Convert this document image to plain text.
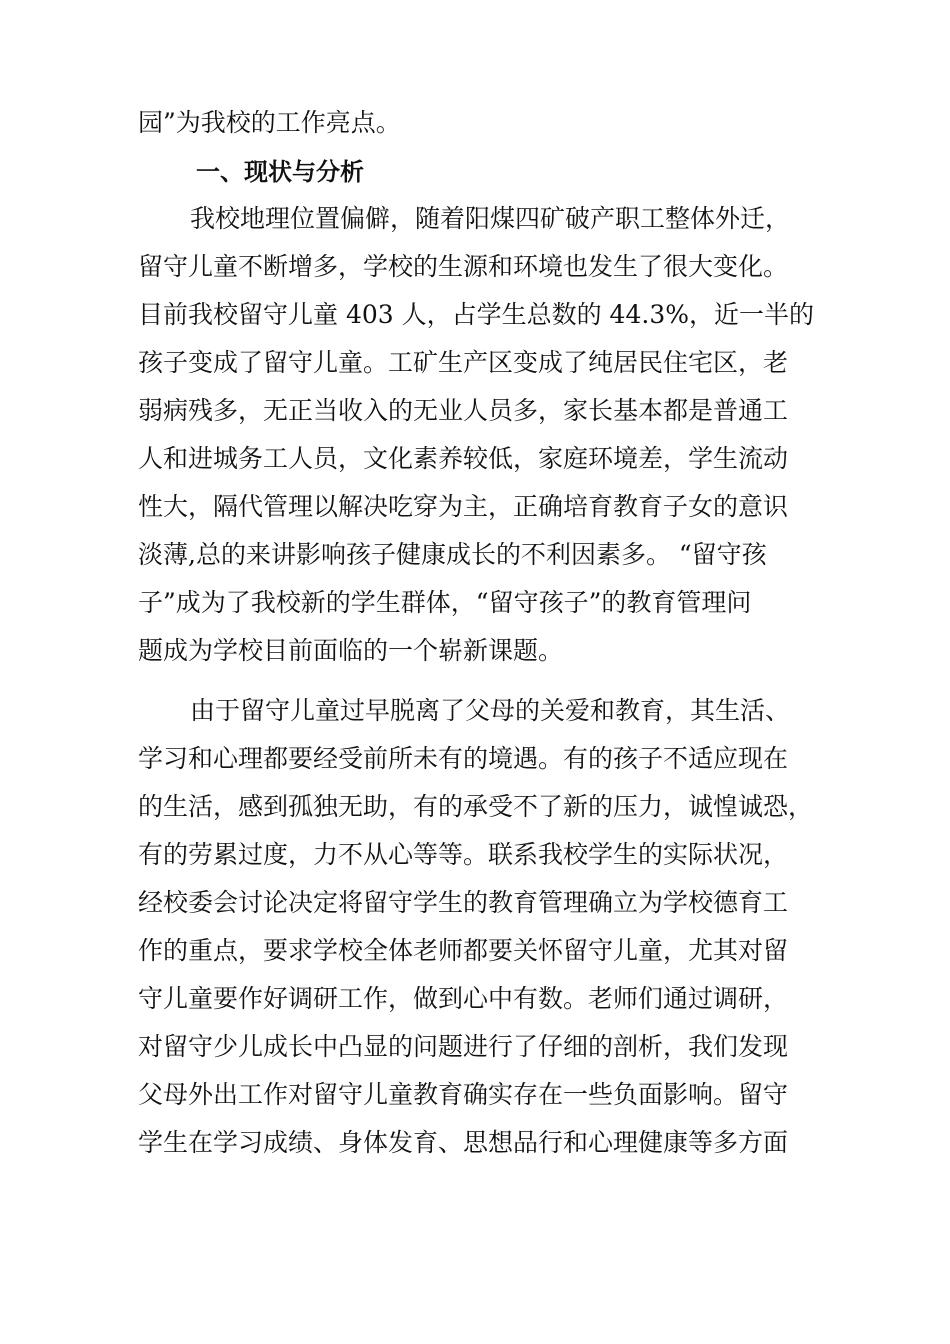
园”为我校的工作亮点。
一、现状与分析
我校地理位置偏僻，随着阳煤四矿破产职工整体外迁，
留守儿童不断增多，学校的生源和环境也发生了很大变化。
目前我校留守儿童 403 人，占学生总数的 44.3%，近一半的
孩子变成了留守儿童。工矿生产区变成了纯居民住宅区，老
弱病残多，无正当收入的无业人员多，家长基本都是普通工
人和进城务工人员，文化素养较低，家庭环境差，学生流动
性大，隔代管理以解决吃穿为主，正确培育教育子女的意识
淡薄,总的来讲影响孩子健康成长的不利因素多。 “留守孩
子”成为了我校新的学生群体，“留守孩子”的教育管理问
题成为学校目前面临的一个崭新课题。
由于留守儿童过早脱离了父母的关爱和教育，其生活、
学习和心理都要经受前所未有的境遇。有的孩子不适应现在
的生活，感到孤独无助，有的承受不了新的压力，诚惶诚恐，
有的劳累过度，力不从心等等。联系我校学生的实际状况，
经校委会讨论决定将留守学生的教育管理确立为学校德育工
作的重点，要求学校全体老师都要关怀留守儿童，尤其对留
守儿童要作好调研工作，做到心中有数。老师们通过调研，
对留守少儿成长中凸显的问题进行了仔细的剖析，我们发现
父母外出工作对留守儿童教育确实存在一些负面影响。留守
学生在学习成绩、身体发育、思想品行和心理健康等多方面
